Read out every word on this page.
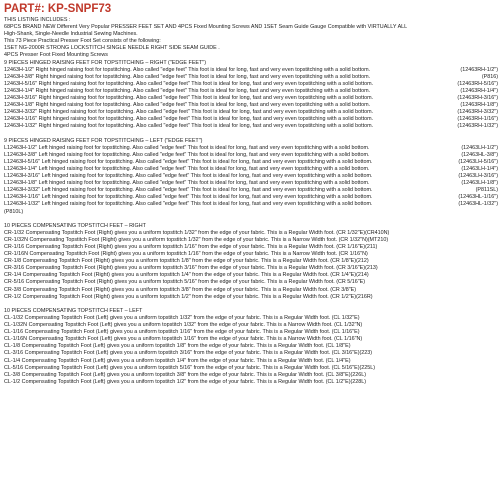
PART#: KP-SNPF73
THIS LISTING INCLUDES :
68PCS BRAND NEW Different Very Popular PRESSER FEET SET AND 4PCS Fixed Mounting Screws AND 1SET Seam Guide Gauge Compatible with VIRTUALLY ALL
High-Shank, Single-Needle Industrial Sewing Machines.
This 73 Piece Practical Presser Foot Set consists of the following:
1SET NG-2000R STRONG LOCKSTITCH SINGLE NEEDLE RIGHT SIDE SEAM GUIDE .
4PCS Presser Foot Fixed Mounting Screws
9 PIECES HINGED RAISING FEET FOR TOPSTITCHING – RIGHT ("EDGE FEET")
(12463RH-1/2")
12463H-1/2" Right hinged raising foot for topstitching. Also called "edge feet" This foot is ideal for long, fast and very even topstitching with a solid bottom.
(P816)
12463H-3/8" Right hinged raising foot for topstitching. Also called "edge feet" This foot is ideal for long, fast and very even topstitching with a solid bottom.
(12463RH-5/16")
12463H-5/16" Right hinged raising foot for topstitching. Also called "edge feet" This foot is ideal for long, fast and very even topstitching with a solid bottom.
(12463RH-1/4")
12463H-1/4" Right hinged raising foot for topstitching. Also called "edge feet" This foot is ideal for long, fast and very even topstitching with a solid bottom.
(12463RH-3/16")
12463H-3/16" Right hinged raising foot for topstitching. Also called "edge feet" This foot is ideal for long, fast and very even topstitching with a solid bottom.
(12463RH-1/8")
12463H-1/8" Right hinged raising foot for topstitching. Also called "edge feet" This foot is ideal for long, fast and very even topstitching with a solid bottom.
(12463RH-3/32")
12463H-3/32" Right hinged raising foot for topstitching. Also called "edge feet" This foot is ideal for long, fast and very even topstitching with a solid bottom.
(12463RH-1/16")
12463H-1/16" Right hinged raising foot for topstitching. Also called "edge feet" This foot is ideal for long, fast and very even topstitching with a solid bottom.
(12463RH-1/32")
12463H-1/32" Right hinged raising foot for topstitching. Also called "edge feet" This foot is ideal for long, fast and very even topstitching with a solid bottom.
9 PIECES HINGED RAISING FEET FOR TOPSTITCHING – LEFT ("EDGE FEET")
(12463LH-1/2")
L12463H-1/2" Left hinged raising foot for topstitching. Also called "edge feet" This foot is ideal for long, fast and very even topstitching with a solid bottom.
(12463HL-3/8")
L12463H-3/8" Left hinged raising foot for topstitching. Also called "edge feet" This foot is ideal for long, fast and very even topstitching with a solid bottom.
(12463LH-5/16")
L12463H-5/16" Left hinged raising foot for topstitching. Also called "edge feet" This foot is ideal for long, fast and very even topstitching with a solid bottom.
(12463LH-1/4")
L12463H-1/4" Left hinged raising foot for topstitching. Also called "edge feet" This foot is ideal for long, fast and very even topstitching with a solid bottom.
(12463LH-3/16")
L12463H-3/16" Left hinged raising foot for topstitching. Also called "edge feet" This foot is ideal for long, fast and very even topstitching with a solid bottom.
(12463LH-1/8")
L12463H-1/8" Left hinged raising foot for topstitching. Also called "edge feet" This foot is ideal for long, fast and very even topstitching with a solid bottom.
(P811SL)
L12463H-3/32" Left hinged raising foot for topstitching. Also called "edge feet" This foot is ideal for long, fast and very even topstitching with a solid bottom.
(12463HL-1/16")
L12463H-1/16" Left hinged raising foot for topstitching. Also called "edge feet" This foot is ideal for long, fast and very even topstitching with a solid bottom.
(12463HL-1/32")
L12463H-1/32" Left hinged raising foot for topstitching. Also called "edge feet" This foot is ideal for long, fast and very even topstitching with a solid bottom.
(P810L)
10 PIECES COMPENSATING TOPSTITCH FEET – RIGHT
CR-1/32 Compensating Topstitch Foot (Right) gives you a uniform topstitch 1/32" from the edge of your fabric. This is a Regular Width foot. (CR 1/32"E)(CR410N)
CR-1/32N Compensating Topstitch Foot (Right) gives you a uniform topstitch 1/32" from the edge of your fabric. This is a Narrow Width foot. (CR 1/32"N)(MT210)
CR-1/16 Compensating Topstitch Foot (Right) gives you a uniform topstitch 1/16" from the edge of your fabric. This is a Regular Width foot. (CR 1/16"E)(211)
CR-1/16N Compensating Topstitch Foot (Right) gives you a uniform topstitch 1/16" from the edge of your fabric. This is a Narrow Width foot. (CR 1/16"N)
CR-1/8 Compensating Topstitch Foot (Right) gives you a uniform topstitch 1/8" from the edge of your fabric. This is a Regular Width foot. (CR 1/8"E)(212)
CR-3/16 Compensating Topstitch Foot (Right) gives you a uniform topstitch 3/16" from the edge of your fabric. This is a Regular Width foot. (CR 3/16"E)(213)
CR-1/4 Compensating Topstitch Foot (Right) gives you a uniform topstitch 1/4" from the edge of your fabric. This is a Regular Width foot. (CR 1/4"E)(214)
CR-5/16 Compensating Topstitch Foot (Right) gives you a uniform topstitch 5/16" from the edge of your fabric. This is a Regular Width foot. (CR 5/16"E)
CR-3/8 Compensating Topstitch Foot (Right) gives you a uniform topstitch 3/8" from the edge of your fabric. This is a Regular Width foot. (CR 3/8"E)
CR-1/2 Compensating Topstitch Foot (Right) gives you a uniform topstitch 1/2" from the edge of your fabric. This is a Regular Width foot. (CR 1/2"E)(216R)
10 PIECES COMPENSATING TOPSTITCH FEET – LEFT
CL-1/32 Compensating Topstitch Foot (Left) gives you a uniform topstitch 1/32" from the edge of your fabric. This is a Regular Width foot. (CL 1/32"E)
CL-1/32N Compensating Topstitch Foot (Left) gives you a uniform topstitch 1/32" from the edge of your fabric. This is a Narrow Width foot. (CL 1/32"N)
CL-1/16 Compensating Topstitch Foot (Left) gives you a uniform topstitch 1/16" from the edge of your fabric. This is a Regular Width foot. (CL 1/16"E)
CL-1/16N Compensating Topstitch Foot (Left) gives you a uniform topstitch 1/16" from the edge of your fabric. This is a Narrow Width foot. (CL 1/16"N)
CL-1/8 Compensating Topstitch Foot (Left) gives you a uniform topstitch 1/8" from the edge of your fabric. This is a Regular Width foot. (CL 1/8"E)
CL-3/16 Compensating Topstitch Foot (Left) gives you a uniform topstitch 3/16" from the edge of your fabric. This is a Regular Width foot. (CL 3/16"E)(223)
CL-1/4 Compensating Topstitch Foot (Left) gives you a uniform topstitch 1/4" from the edge of your fabric. This is a Regular Width foot. (CL 1/4"E)
CL-5/16 Compensating Topstitch Foot (Left) gives you a uniform topstitch 5/16" from the edge of your fabric. This is a Regular Width foot. (CL 5/16"E)(225L)
CL-3/8 Compensating Topstitch Foot (Left) gives you a uniform topstitch 3/8" from the edge of your fabric. This is a Regular Width foot. (CL 3/8"E)(226L)
CL-1/2 Compensating Topstitch Foot (Left) gives you a uniform topstitch 1/2" from the edge of your fabric. This is a Regular Width foot. (CL 1/2"E)(228L)
